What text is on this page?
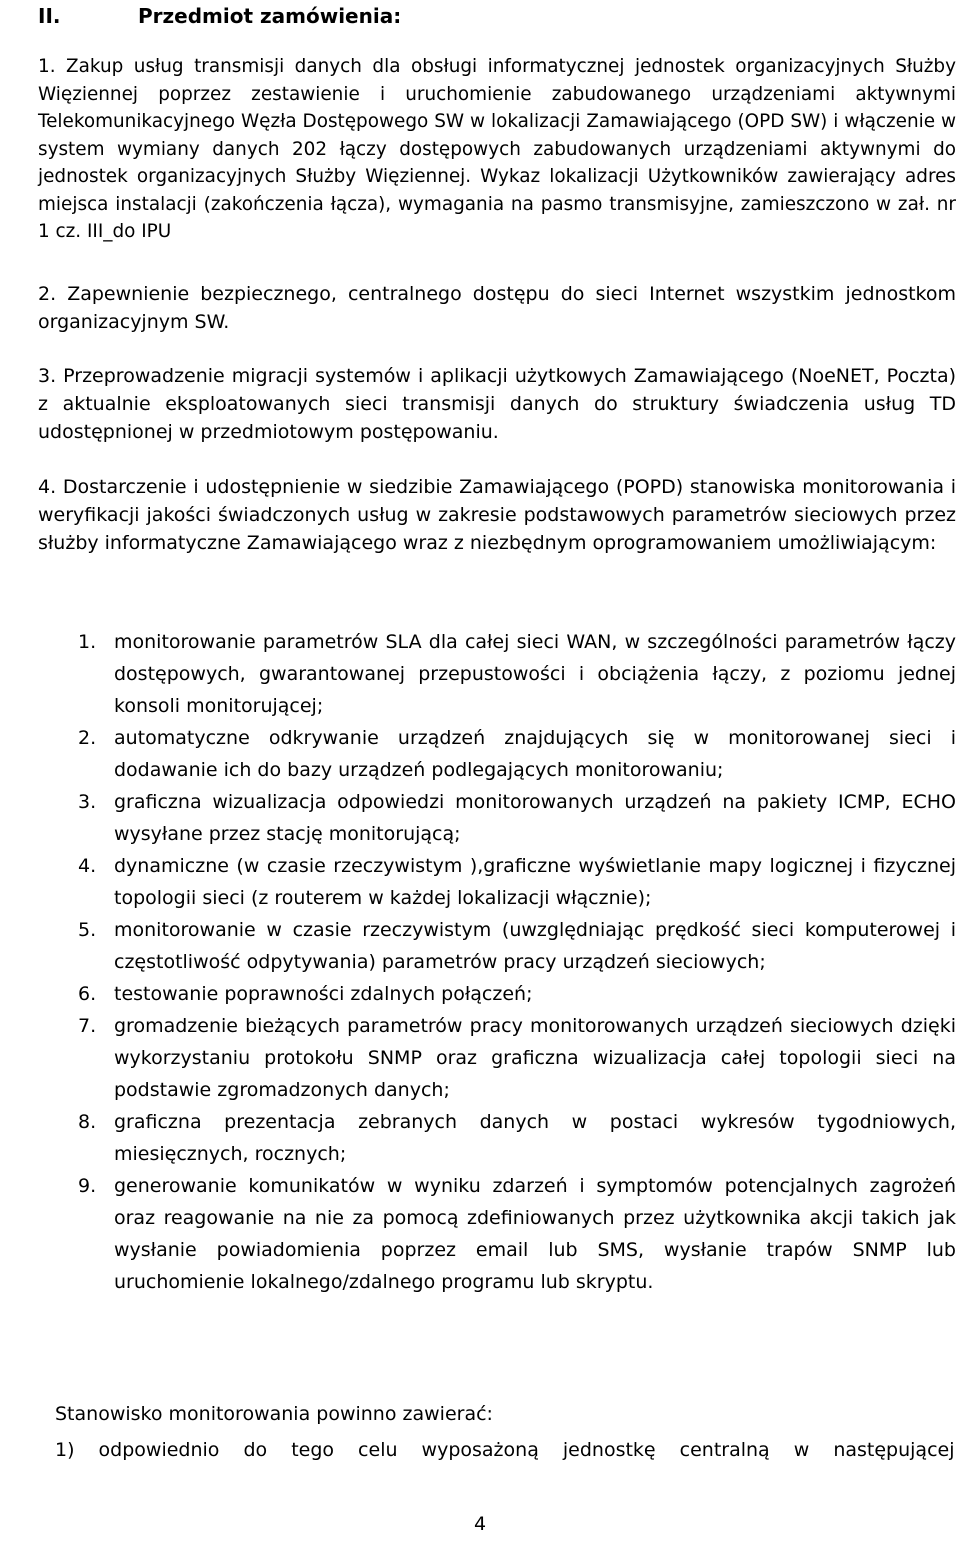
II.	Przedmiot zamówienia:

1. Zakup usług transmisji danych dla obsługi informatycznej jednostek organizacyjnych Służby Więziennej poprzez zestawienie i uruchomienie zabudowanego urządzeniami aktywnymi Telekomunikacyjnego Węzła Dostępowego SW w lokalizacji Zamawiającego (OPD SW) i włączenie w system wymiany danych 202 łączy dostępowych zabudowanych urządzeniami aktywnymi do jednostek organizacyjnych Służby Więziennej. Wykaz lokalizacji Użytkowników zawierający adres miejsca instalacji (zakończenia łącza), wymagania na pasmo transmisyjne, zamieszczono w zał. nr 1 cz. III_do IPU

2. Zapewnienie bezpiecznego, centralnego dostępu do sieci Internet wszystkim jednostkom organizacyjnym SW.

3. Przeprowadzenie migracji systemów i aplikacji użytkowych Zamawiającego (NoeNET, Poczta) z aktualnie eksploatowanych sieci transmisji danych do struktury świadczenia usług TD udostępnionej w przedmiotowym postępowaniu.

4. Dostarczenie i udostępnienie w siedzibie Zamawiającego (POPD) stanowiska monitorowania i weryfikacji jakości świadczonych usług w zakresie podstawowych parametrów sieciowych przez służby informatyczne Zamawiającego wraz z niezbędnym oprogramowaniem umożliwiającym:

1. monitorowanie parametrów SLA dla całej sieci WAN, w szczególności parametrów łączy dostępowych, gwarantowanej przepustowości i obciążenia łączy, z poziomu jednej konsoli monitorującej;
2. automatyczne odkrywanie urządzeń znajdujących się w monitorowanej sieci i dodawanie ich do bazy urządzeń podlegających monitorowaniu;
3. graficzna wizualizacja odpowiedzi monitorowanych urządzeń na pakiety ICMP, ECHO wysyłane przez stację monitorującą;
4. dynamiczne (w czasie rzeczywistym ),graficzne wyświetlanie mapy logicznej i fizycznej topologii sieci (z routerem w każdej lokalizacji włącznie);
5. monitorowanie w czasie rzeczywistym (uwzględniając prędkość sieci komputerowej i częstotliwość odpytywania) parametrów pracy urządzeń sieciowych;
6. testowanie poprawności zdalnych połączeń;
7. gromadzenie bieżących parametrów pracy monitorowanych urządzeń sieciowych dzięki wykorzystaniu protokołu SNMP oraz graficzna wizualizacja całej topologii sieci na podstawie zgromadzonych danych;
8. graficzna prezentacja zebranych danych w postaci wykresów tygodniowych, miesięcznych, rocznych;
9. generowanie komunikatów w wyniku zdarzeń i symptomów potencjalnych zagrożeń oraz reagowanie na nie za pomocą zdefiniowanych przez użytkownika akcji takich jak wysłanie powiadomienia poprzez email lub SMS, wysłanie trapów SNMP lub uruchomienie lokalnego/zdalnego programu lub skryptu.

Stanowisko monitorowania powinno zawierać:

1) odpowiednio do tego celu wyposażoną jednostkę centralną w następującej

4
